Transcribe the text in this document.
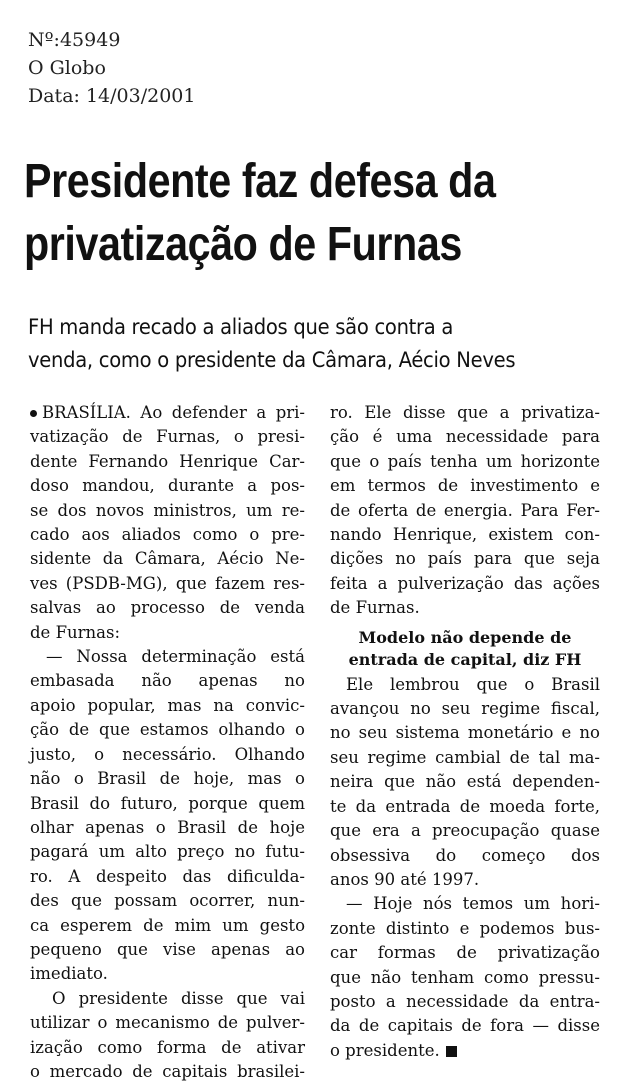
Nº:45949
O Globo
Data: 14/03/2001
Presidente faz defesa da
privatização de Furnas
FH manda recado a aliados que são contra a
venda, como o presidente da Câmara, Aécio Neves
BRASÍLIA. Ao defender a pri-
vatização de Furnas, o presi-
dente Fernando Henrique Car-
doso mandou, durante a pos-
se dos novos ministros, um re-
cado aos aliados como o pre-
sidente da Câmara, Aécio Ne-
ves (PSDB-MG), que fazem res-
salvas ao processo de venda
de Furnas:
— Nossa determinação está
embasada não apenas no
apoio popular, mas na convic-
ção de que estamos olhando o
justo, o necessário. Olhando
não o Brasil de hoje, mas o
Brasil do futuro, porque quem
olhar apenas o Brasil de hoje
pagará um alto preço no futu-
ro. A despeito das dificulda-
des que possam ocorrer, nun-
ca esperem de mim um gesto
pequeno que vise apenas ao
imediato.
O presidente disse que vai
utilizar o mecanismo de pulver-
ização como forma de ativar
o mercado de capitais brasilei-
ro. Ele disse que a privatiza-
ção é uma necessidade para
que o país tenha um horizonte
em termos de investimento e
de oferta de energia. Para Fer-
nando Henrique, existem con-
dições no país para que seja
feita a pulverização das ações
de Furnas.
Modelo não depende de
entrada de capital, diz FH
Ele lembrou que o Brasil
avançou no seu regime fiscal,
no seu sistema monetário e no
seu regime cambial de tal ma-
neira que não está dependen-
te da entrada de moeda forte,
que era a preocupação quase
obsessiva do começo dos
anos 90 até 1997.
— Hoje nós temos um hori-
zonte distinto e podemos bus-
car formas de privatização
que não tenham como pressu-
posto a necessidade da entra-
da de capitais de fora — disse
o presidente.
